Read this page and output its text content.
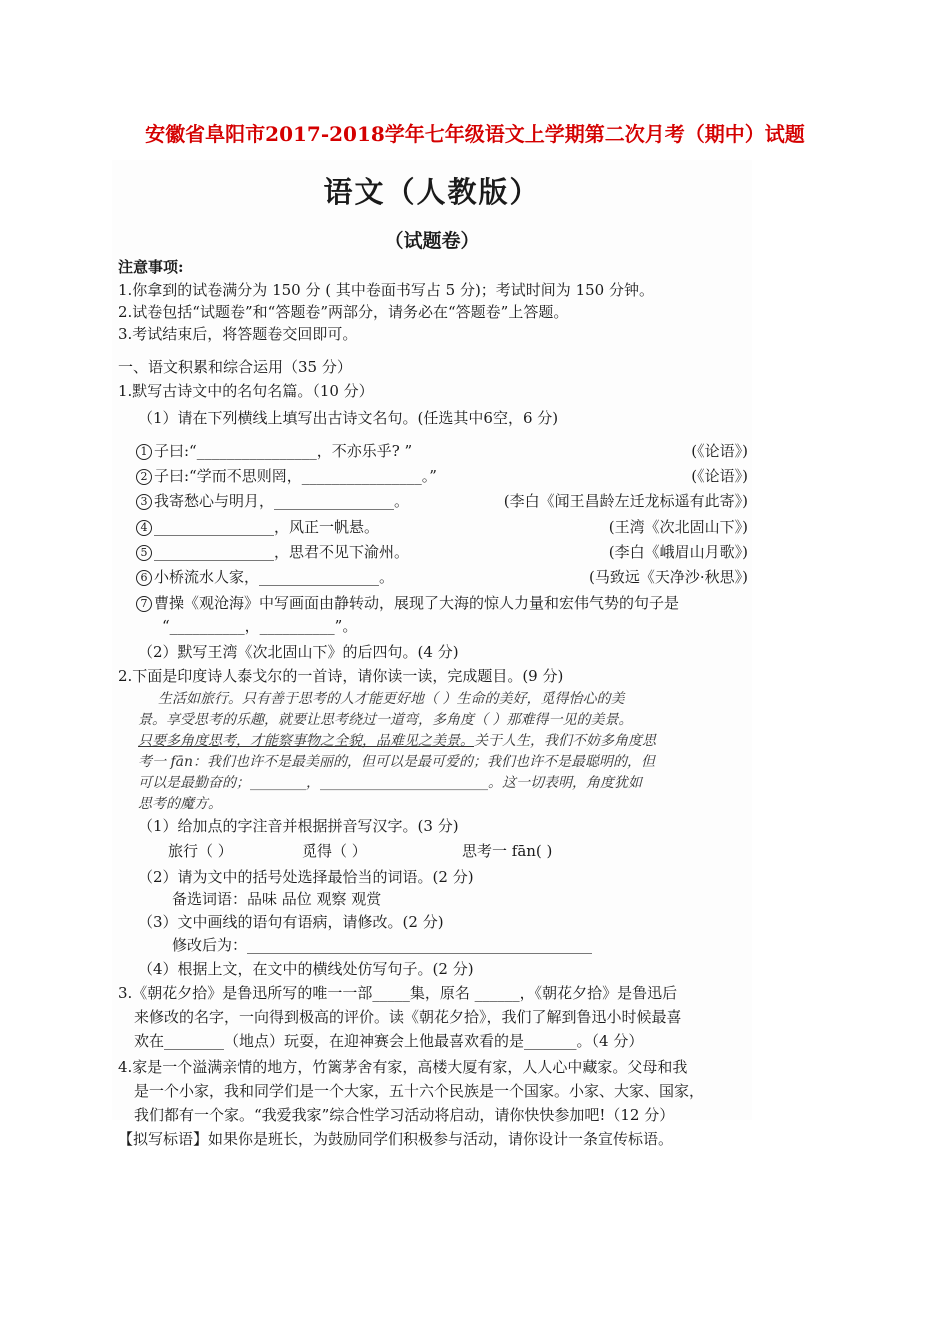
安徽省阜阳市2017-2018学年七年级语文上学期第二次月考（期中）试题
语文（人教版）
（试题卷）
注意事项:
1.你拿到的试卷满分为 150 分 ( 其中卷面书写占 5 分)；考试时间为 150 分钟。
2.试卷包括“试题卷”和“答题卷”两部分，请务必在“答题卷”上答题。
3.考试结束后，将答题卷交回即可。
一、语文积累和综合运用（35 分）
1.默写古诗文中的名句名篇。（10 分）
（1）请在下列横线上填写出古诗文名句。(任选其中6空，6 分)
1 子曰:“________________，不亦乐乎? ”	(《论语》)
2 子曰:“学而不思则罔，________________。”	(《论语》)
3 我寄愁心与明月，________________。	(李白《闻王昌龄左迁龙标遥有此寄》)
4 ________________，风正一帆悬。	(王湾《次北固山下》)
5 ________________，思君不见下渝州。	(李白《峨眉山月歌》)
6 小桥流水人家，________________。	(马致远《天净沙·秋思》)
7 曹操《观沧海》中写画面由静转动，展现了大海的惊人力量和宏伟气势的句子是
“__________，__________”。
（2）默写王湾《次北固山下》的后四句。(4 分)
2.下面是印度诗人泰戈尔的一首诗，请你读一读，完成题目。(9 分)
生活如旅行。只有善于思考的人才能更好地（ ）生命的美好，觅得怡心的美
景。享受思考的乐趣，就要让思考绕过一道弯，多角度（ ）那难得一见的美景。
只要多角度思考，才能察事物之全貌，品难见之美景。关于人生，我们不妨多角度思
考一 fān：我们也许不是最美丽的，但可以是最可爱的；我们也许不是最聪明的，但
可以是最勤奋的；________，________________________。这一切表明，角度犹如
思考的魔方。
（1）给加点的字注音并根据拼音写汉字。(3 分)
旅行（ ）	觅得（ ）	思考一 fān( )
（2）请为文中的括号处选择最恰当的词语。(2 分)
备选词语：品味 品位 观察 观赏
（3）文中画线的语句有语病，请修改。(2 分)
修改后为：______________________________________________
（4）根据上文，在文中的横线处仿写句子。(2 分)
3.《朝花夕拾》是鲁迅所写的唯一一部_____集，原名 ______，《朝花夕拾》是鲁迅后
来修改的名字，一向得到极高的评价。读《朝花夕拾》，我们了解到鲁迅小时候最喜
欢在________（地点）玩耍，在迎神赛会上他最喜欢看的是_______。（4 分）
4.家是一个溢满亲情的地方，竹篱茅舍有家，高楼大厦有家，人人心中藏家。父母和我
是一个小家，我和同学们是一个大家，五十六个民族是一个国家。小家、大家、国家，
我们都有一个家。“我爱我家”综合性学习活动将启动，请你快快参加吧!（12 分）
【拟写标语】如果你是班长，为鼓励同学们积极参与活动，请你设计一条宣传标语。
